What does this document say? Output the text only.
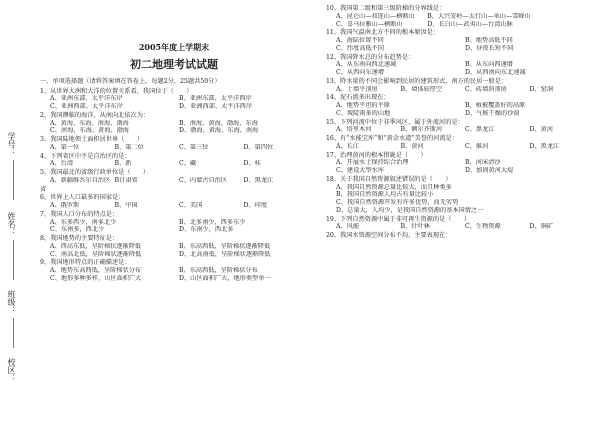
学号：
姓名：
班级：
校区：
2005年度上学期末
初二地理考试试题
一、单项选择题（请将答案填在答卷上，每题2分，25题共50分）
1、从世界大洲和大洋的位置关系看，我国位于（　　）
A、亚洲东部、太平洋东岸	B、亚洲东部、太平洋西岸
C、亚洲西部、太平洋东岸	D、亚洲西部、太平洋西岸
2、我国濒临的海洋，从南向北依次为：
A、黄海、东海、南海、渤海	B、南海、黄海、渤海、东海
C、南海、东海、黄海、渤海	D、渤海、黄海、东海、南海
3、我国陆地领土面积居世界（　　）
A、第一位	B、第二位	C、第三位	D、第四位
4、下列省区中不是自治区的是：
A、台湾	B、新	C、藏	D、桂
5、我国最北的省级行政单位是（　　）
A、新疆维吾尔自治区 B甘肃省	C、内蒙古自治区	D、黑龙江
省
6、世界上人口最多的国家是：
A、俄罗斯	B、中国	C、美国	D、印度
7、我国人口分布的特点是：
A、东多西少，南多北少	B、北多南少，西多东少
C、东南多，西北少	D、东南少，西北多
8、我国地势的主要特征是：
A、西高东低，呈阶梯状逐渐降低	B、东高西低，呈阶梯状逐渐降低
C、南高北低，呈阶梯状逐渐降低	D、北高南低，呈阶梯状逐渐降低
9、我国地形特点的正确描述是：
A、地势东高西低，呈阶梯状分布	B、东高西低，呈阶梯状分布
C、地形多种多样，山区面积广大	D、山区面积广大，地形类型单一
10、我国第二级和第三级阶梯的分界线是：
A、昆仑山—祁连山—横断山　　B、大兴安岭—太行山—巫山—雪峰山
C、喜马拉雅山—横断山　　　　D、长白山—武夷山—台湾山脉
11、我国气温南北方不同的根本原因是：
A、海陆位置不同	B、地势高低不同
C、纬度高低不同	D、昼夜长短不同
12、我国降水总的分布趋势是：
A、从东南向西北递减	B、从东向西递增
C、从西向东递增	D、从西南向东北递减
13、降水量的不同会影响到民居的建筑形式，南方的民居一般是：
A、土墙平顶房	B、墙体较厚空	C、砖墙斜顶房	D、窑洞
14、泥石流多出现在：
A、地势平坦的平原	B、植被覆盖好的高原
C、坡陡雨多的山地	D、气候干燥的沙漠
15、下列河流中位于非季风区，属于外流河的是：
A、塔里木河	B、额尔齐斯河	C、黑龙江	D、黄河
16、有“水能宝库”和“黄金水道”美誉的河流是：
A、长江	B、黄河	C、淮河	D、黑龙江
17、治理黄河的根本措施是（　　）
A、开展水土保持综合治理	B、河床清沙
C、建设大型水库	D、加固黄河大堤
18、关于我国自然资源叙述错误的是（　　）
A、我国自然资源总量比较大，而且种类多
B、我国自然资源人均占有量比较小
C、我国自然资源开发有许多优势，而无劣势
D、总量大，人均少，是我国自然资源的基本国情之一
19、下列自然资源中属于非可再生资源的是（　　）
A、风能	B、针叶林	C、生物资源	D、铜矿
20、我国水资源空间分布不均，主要表现在：
